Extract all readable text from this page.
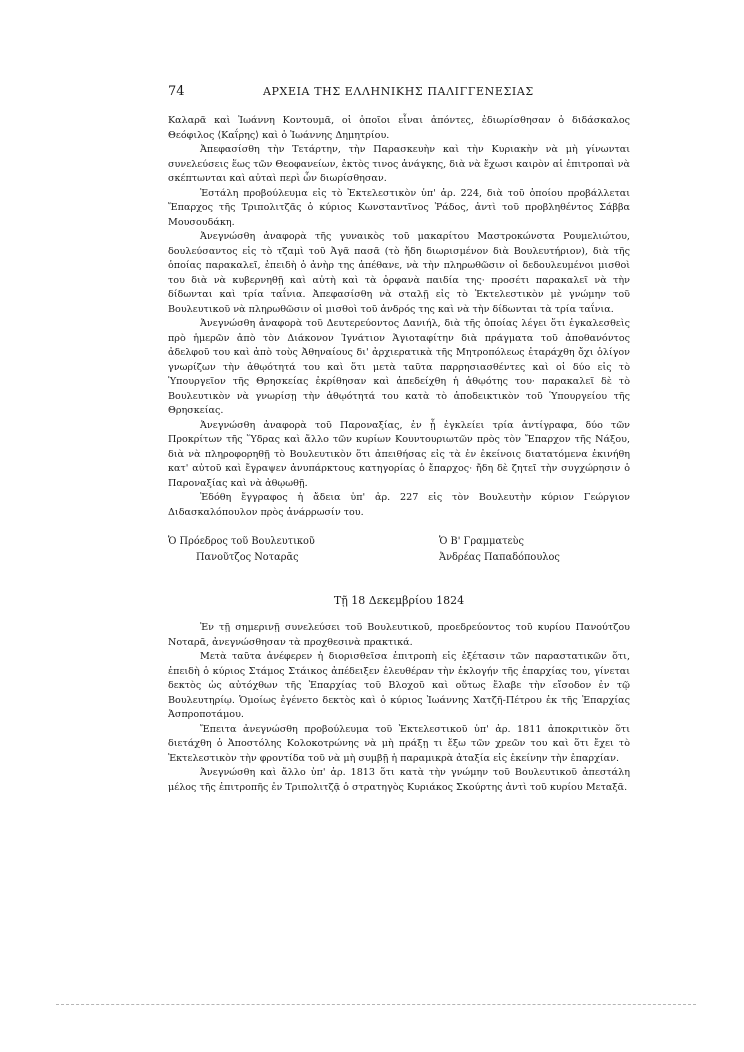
74	ΑΡΧΕΙΑ ΤΗΣ ΕΛΛΗΝΙΚΗΣ ΠΑΛΙΓΓΕΝΕΣΙΑΣ

Καλαρᾶ καὶ Ἰωάννη Κοντουμᾶ, οἱ ὁποῖοι εἶναι ἀπόντες, ἐδιωρίσθησαν ὁ διδάσκαλος Θεόφιλος ⟨Καΐρης⟩ καὶ ὁ Ἰωάννης Δημητρίου.

Ἀπεφασίσθη τὴν Τετάρτην, τὴν Παρασκευὴν καὶ τὴν Κυριακὴν νὰ μὴ γίνωνται συνελεύσεις ἕως τῶν Θεοφανείων, ἐκτὸς τινος ἀνάγκης, διὰ νὰ ἔχωσι καιρὸν αἱ ἐπιτροπαὶ νὰ σκέπτωνται καὶ αὐταὶ περὶ ὧν διωρίσθησαν.

Ἐστάλη προβούλευμα εἰς τὸ Ἐκτελεστικὸν ὑπ' ἀρ. 224, διὰ τοῦ ὁποίου προβάλλεται Ἔπαρχος τῆς Τριπολιτζᾶς ὁ κύριος Κωνσταντῖνος Ῥάδος, ἀντὶ τοῦ προβληθέντος Σάββα Μουσουδάκη.

Ἀνεγνώσθη ἀναφορὰ τῆς γυναικὸς τοῦ μακαρίτου Μαστροκώνστα Ρουμελιώτου, δουλεύσαντος εἰς τὸ τζαμὶ τοῦ Ἀγᾶ πασᾶ (τὸ ἤδη διωρισμένον διὰ Βουλευτήριον), διὰ τῆς ὁποίας παρακαλεῖ, ἐπειδὴ ὁ ἀνὴρ της ἀπέθανε, νὰ τὴν πληρωθῶσιν οἱ δεδουλευμένοι μισθοὶ του διὰ νὰ κυβερνηθῇ καὶ αὐτὴ καὶ τὰ ὀρφανὰ παιδία της· προσέτι παρακαλεῖ νὰ τὴν δίδωνται καὶ τρία ταΐνια. Ἀπεφασίσθη νὰ σταλῇ εἰς τὸ Ἐκτελεστικὸν μὲ γνώμην τοῦ Βουλευτικοῦ νὰ πληρωθῶσιν οἱ μισθοὶ τοῦ ἀνδρός της καὶ νὰ τὴν δίδωνται τὰ τρία ταΐνια.

Ἀνεγνώσθη ἀναφορὰ τοῦ Δευτερεύοντος Δανιήλ, διὰ τῆς ὁποίας λέγει ὅτι ἐγκαλεσθεὶς πρὸ ἡμερῶν ἀπὸ τὸν Διάκονον Ἰγνάτιον Ἁγιοταφίτην διὰ πράγματα τοῦ ἀποθανόντος ἀδελφοῦ του καὶ ἀπὸ τοὺς Ἀθηναίους δι' ἀρχιερατικὰ τῆς Μητροπόλεως ἐταράχθη ὄχι ὀλίγον γνωρίζων τὴν ἀθῳότητά του καὶ ὅτι μετὰ ταῦτα παρρησιασθέντες καὶ οἱ δύο εἰς τὸ Ὑπουργεῖον τῆς Θρησκείας ἐκρίθησαν καὶ ἀπεδείχθη ἡ ἀθῳότης του· παρακαλεῖ δὲ τὸ Βουλευτικὸν νὰ γνωρίσῃ τὴν ἀθῳότητά του κατὰ τὸ ἀποδεικτικὸν τοῦ Ὑπουργείου τῆς Θρησκείας.

Ἀνεγνώσθη ἀναφορὰ τοῦ Παροναξίας, ἐν ᾗ ἐγκλείει τρία ἀντίγραφα, δύο τῶν Προκρίτων τῆς Ὕδρας καὶ ἄλλο τῶν κυρίων Κουντουριωτῶν πρὸς τὸν Ἔπαρχον τῆς Νάξου, διὰ νὰ πληροφορηθῇ τὸ Βουλευτικὸν ὅτι ἀπειθήσας εἰς τὰ ἐν ἐκείνοις διατατόμενα ἐκινήθη κατ' αὐτοῦ καὶ ἔγραψεν ἀνυπάρκτους κατηγορίας ὁ ἔπαρχος· ἤδη δὲ ζητεῖ τὴν συγχώρησιν ὁ Παροναξίας καὶ νὰ ἀθῳωθῇ.

Ἐδόθη ἔγγραφος ἡ ἄδεια ὑπ' ἀρ. 227 εἰς τὸν Βουλευτὴν κύριον Γεώργιον Διδασκαλόπουλον πρὸς ἀνάρρωσίν του.

Ὁ Πρόεδρος τοῦ Βουλευτικοῦ
Πανοῦτζος Νοταρᾶς
Ὁ Β' Γραμματεὺς
Ἀνδρέας Παπαδόπουλος
Τῇ 18 Δεκεμβρίου 1824

Ἐν τῇ σημερινῇ συνελεύσει τοῦ Βουλευτικοῦ, προεδρεύοντος τοῦ κυρίου Πανούτζου Νοταρᾶ, ἀνεγνώσθησαν τὰ προχθεσινὰ πρακτικά.

Μετὰ ταῦτα ἀνέφερεν ἡ διορισθεῖσα ἐπιτροπὴ εἰς ἐξέτασιν τῶν παραστατικῶν ὅτι, ἐπειδὴ ὁ κύριος Στάμος Στάικος ἀπέδειξεν ἐλευθέραν τὴν ἐκλογήν τῆς ἐπαρχίας του, γίνεται δεκτὸς ὡς αὐτόχθων τῆς Ἐπαρχίας τοῦ Βλοχοῦ καὶ οὕτως ἔλαβε τὴν εἴσοδον ἐν τῷ Βουλευτηρίῳ. Ὁμοίως ἐγένετο δεκτὸς καὶ ὁ κύριος Ἰωάννης Χατζῆ-Πέτρου ἐκ τῆς Ἐπαρχίας Ἀσπροποτάμου.

Ἔπειτα ἀνεγνώσθη προβούλευμα τοῦ Ἐκτελεστικοῦ ὑπ' ἀρ. 1811 ἀποκριτικὸν ὅτι διετάχθη ὁ Ἀποστόλης Κολοκοτρώνης νὰ μὴ πράξῃ τι ἔξω τῶν χρεῶν του καὶ ὅτι ἔχει τὸ Ἐκτελεστικὸν τὴν φροντίδα τοῦ νὰ μὴ συμβῇ ἡ παραμικρὰ ἀταξία εἰς ἐκείνην τὴν ἐπαρχίαν.

Ἀνεγνώσθη καὶ ἄλλο ὑπ' ἀρ. 1813 ὅτι κατὰ τὴν γνώμην τοῦ Βουλευτικοῦ ἀπεστάλη μέλος τῆς ἐπιτροπῆς ἐν Τριπολιτζᾷ ὁ στρατηγὸς Κυριάκος Σκούρτης ἀντὶ τοῦ κυρίου Μεταξᾶ.
